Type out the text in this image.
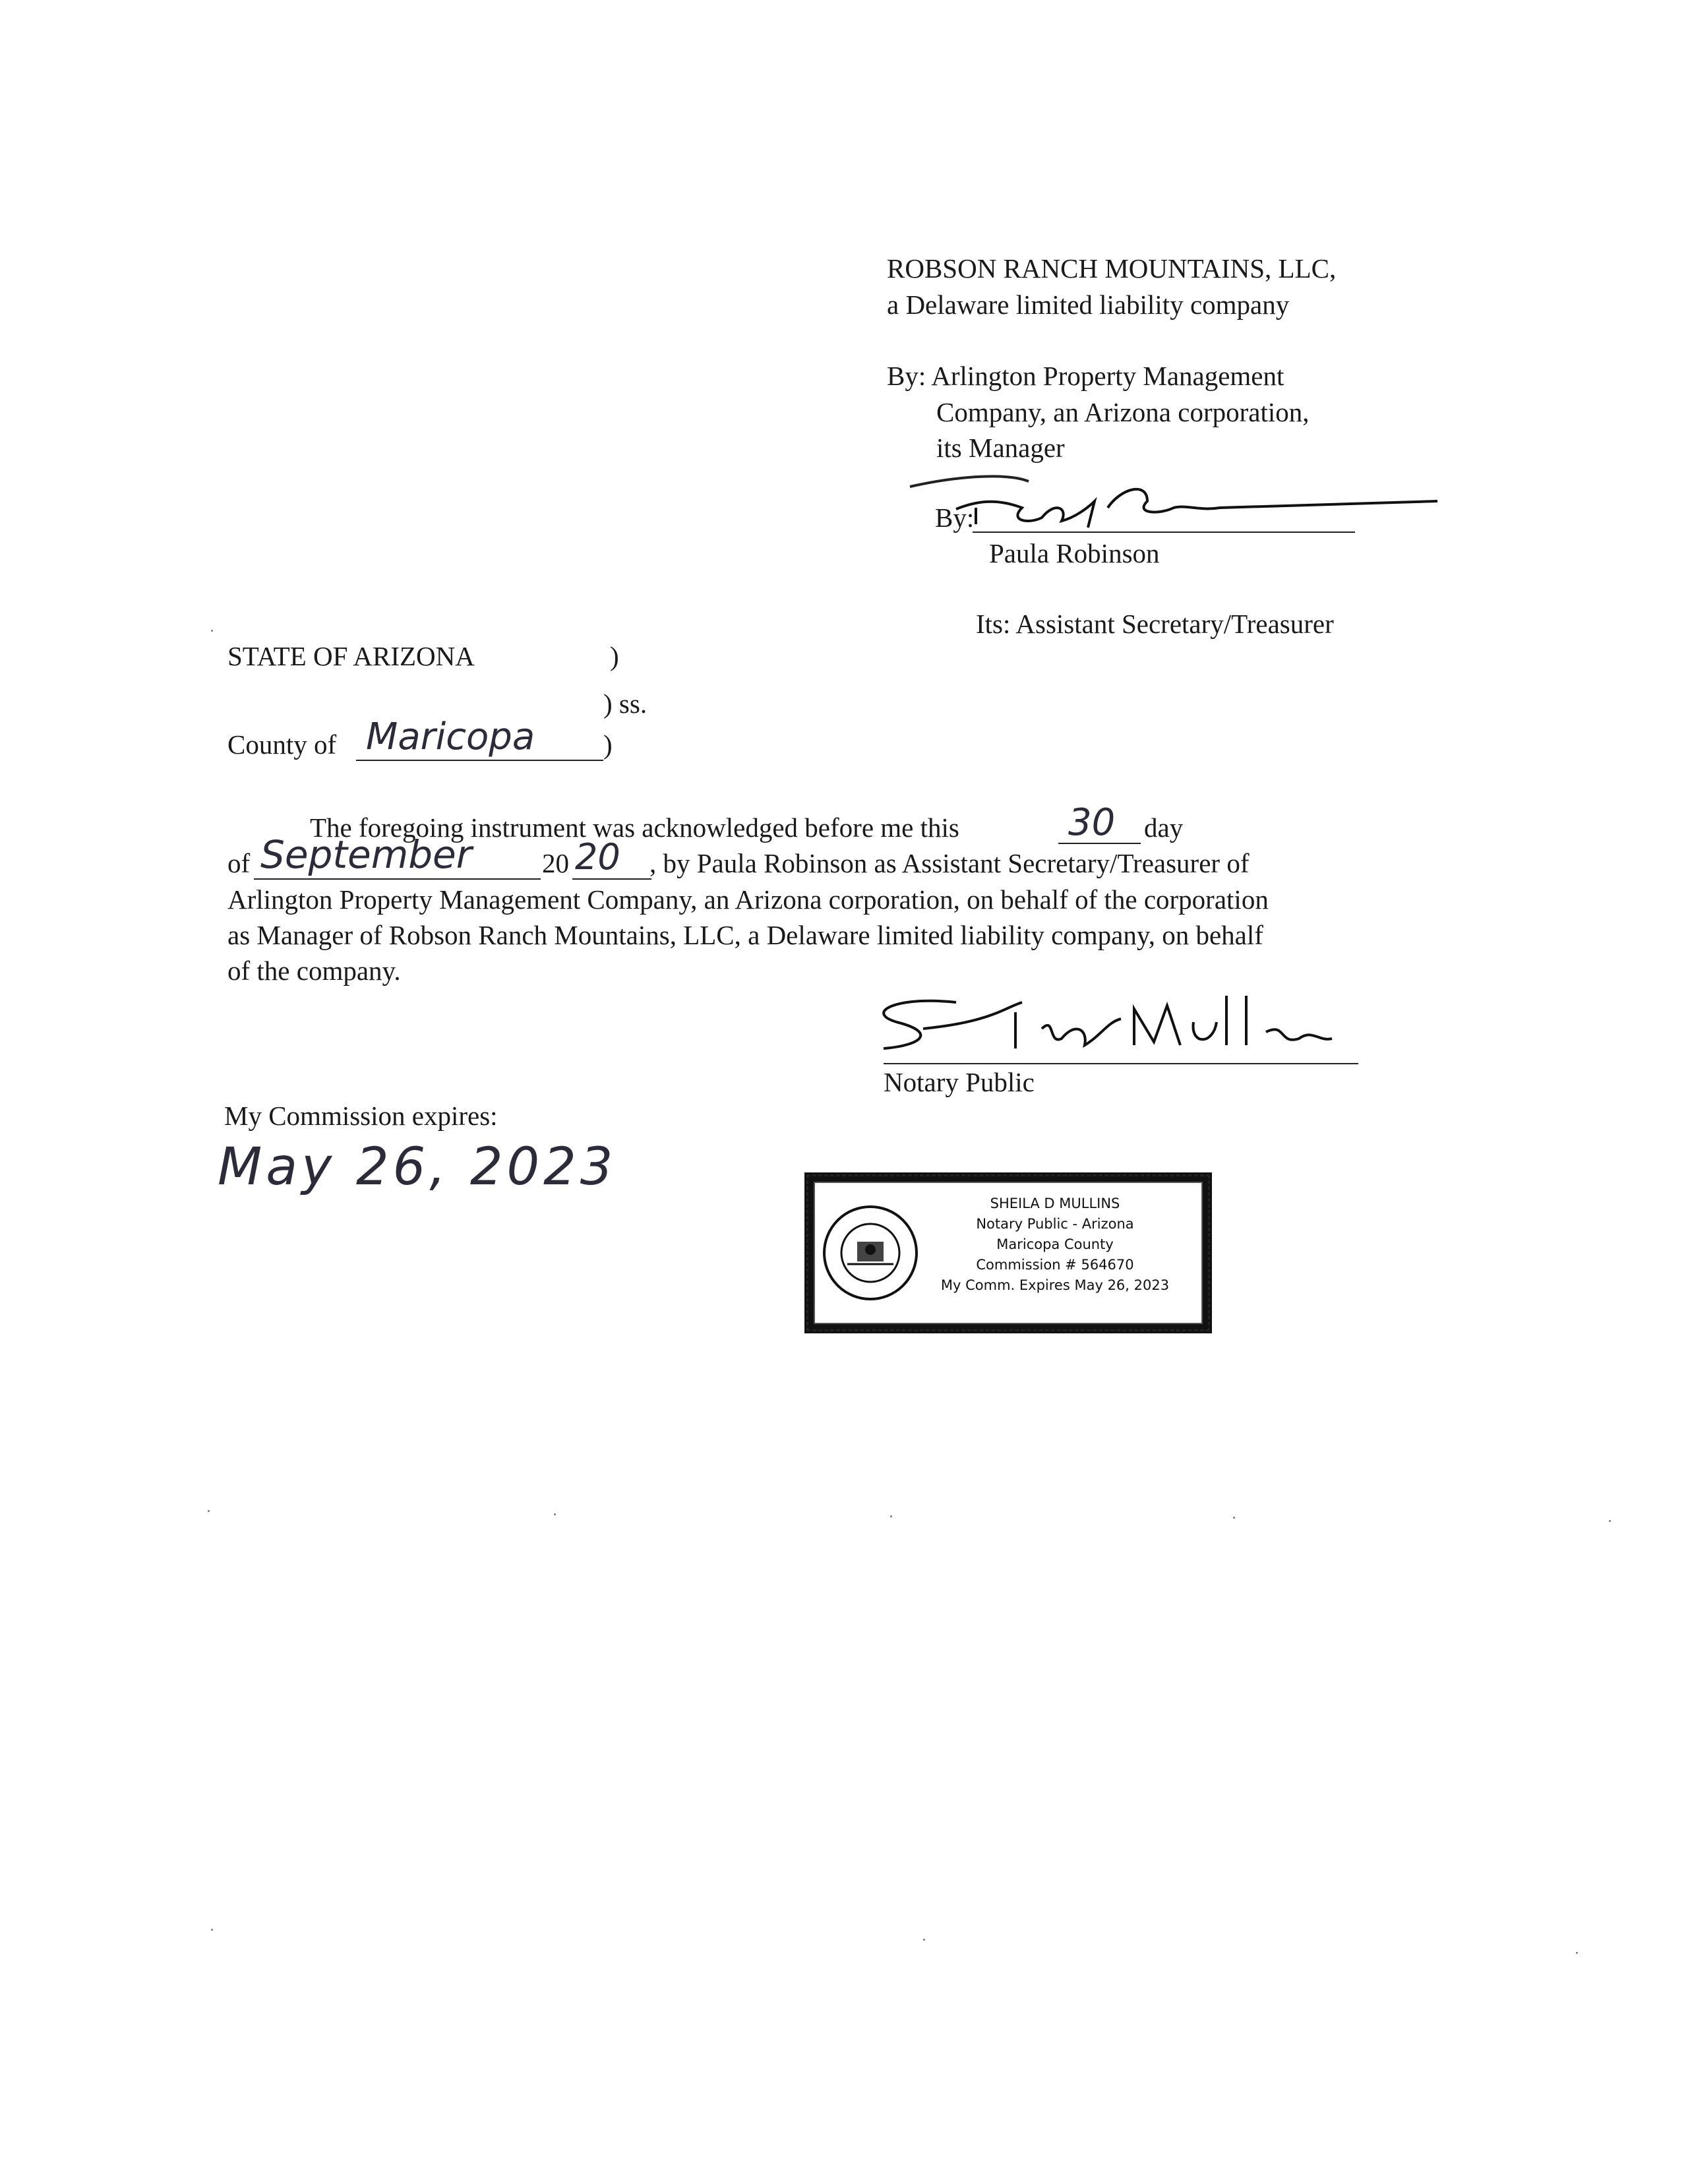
ROBSON RANCH MOUNTAINS, LLC,
a Delaware limited liability company
By: Arlington Property Management
Company, an Arizona corporation,
its Manager
By:
Paula Robinson
Its: Assistant Secretary/Treasurer
STATE OF ARIZONA	)
) ss.
County of Maricopa	)
The foregoing instrument was acknowledged before me this	30 day
of September	20 20 , by Paula Robinson as Assistant Secretary/Treasurer of
Arlington Property Management Company, an Arizona corporation, on behalf of the corporation
as Manager of Robson Ranch Mountains, LLC, a Delaware limited liability company, on behalf
of the company.
Notary Public
My Commission expires:
May 26, 2023
SHEILA D MULLINS
Notary Public - Arizona
Maricopa County
Commission # 564670
My Comm. Expires May 26, 2023
